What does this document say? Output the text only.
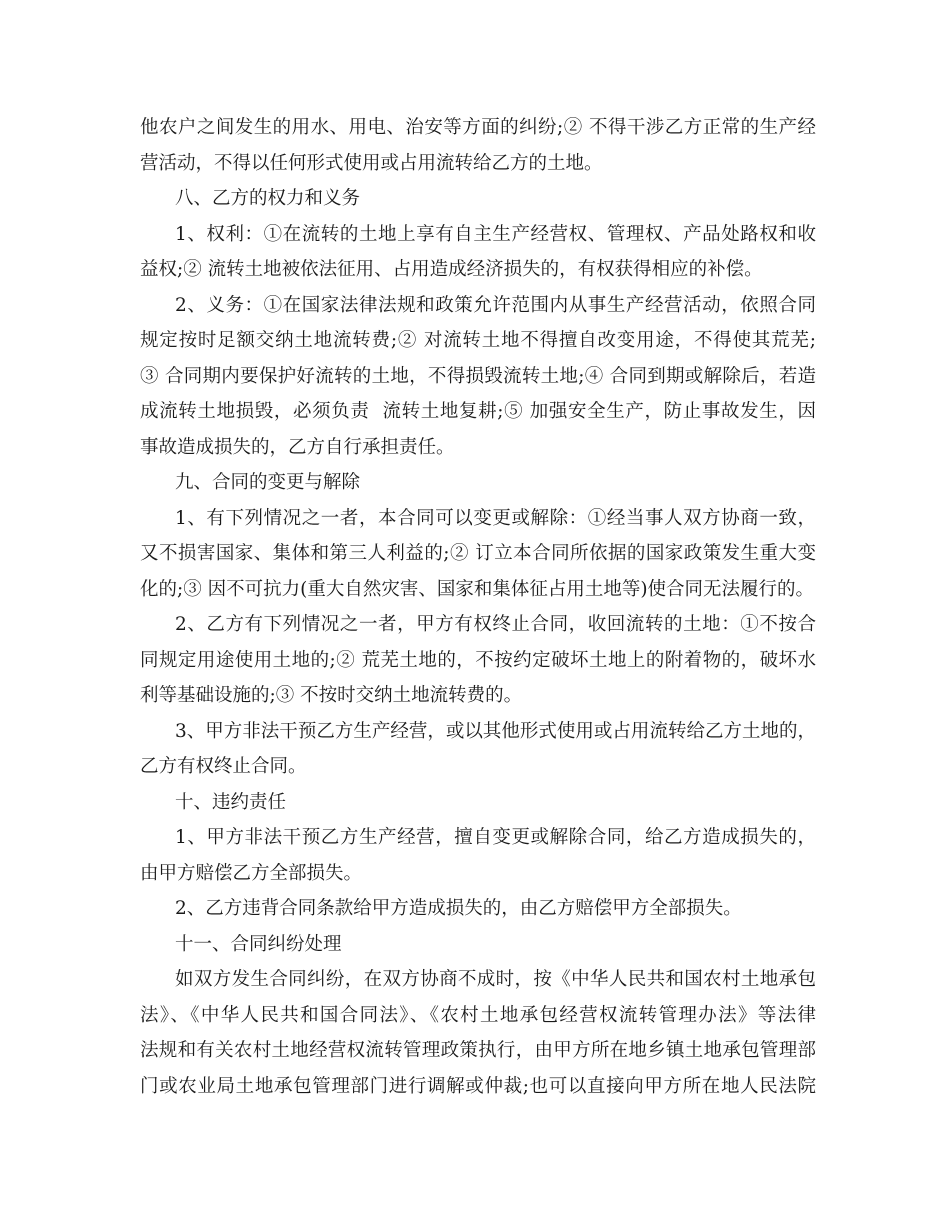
他农户之间发生的用水、用电、治安等方面的纠纷;② 不得干涉乙方正常的生产经
营活动，不得以任何形式使用或占用流转给乙方的土地。
八、乙方的权力和义务
1、权利：①在流转的土地上享有自主生产经营权、管理权、产品处路权和收
益权;② 流转土地被依法征用、占用造成经济损失的，有权获得相应的补偿。
2、义务：①在国家法律法规和政策允许范围内从事生产经营活动，依照合同
规定按时足额交纳土地流转费;② 对流转土地不得擅自改变用途，不得使其荒芜;
③ 合同期内要保护好流转的土地，不得损毁流转土地;④ 合同到期或解除后，若造
成流转土地损毁，必须负责  流转土地复耕;⑤ 加强安全生产，防止事故发生，因
事故造成损失的，乙方自行承担责任。
九、合同的变更与解除
1、有下列情况之一者，本合同可以变更或解除：①经当事人双方协商一致，
又不损害国家、集体和第三人利益的;② 订立本合同所依据的国家政策发生重大变
化的;③ 因不可抗力(重大自然灾害、国家和集体征占用土地等)使合同无法履行的。
2、乙方有下列情况之一者，甲方有权终止合同，收回流转的土地：①不按合
同规定用途使用土地的;② 荒芜土地的，不按约定破坏土地上的附着物的，破坏水
利等基础设施的;③ 不按时交纳土地流转费的。
3、甲方非法干预乙方生产经营，或以其他形式使用或占用流转给乙方土地的，
乙方有权终止合同。
十、违约责任
1、甲方非法干预乙方生产经营，擅自变更或解除合同，给乙方造成损失的，
由甲方赔偿乙方全部损失。
2、乙方违背合同条款给甲方造成损失的，由乙方赔偿甲方全部损失。
十一、合同纠纷处理
如双方发生合同纠纷，在双方协商不成时，按《中华人民共和国农村土地承包
法》、《中华人民共和国合同法》、《农村土地承包经营权流转管理办法》等法律
法规和有关农村土地经营权流转管理政策执行，由甲方所在地乡镇土地承包管理部
门或农业局土地承包管理部门进行调解或仲裁;也可以直接向甲方所在地人民法院
